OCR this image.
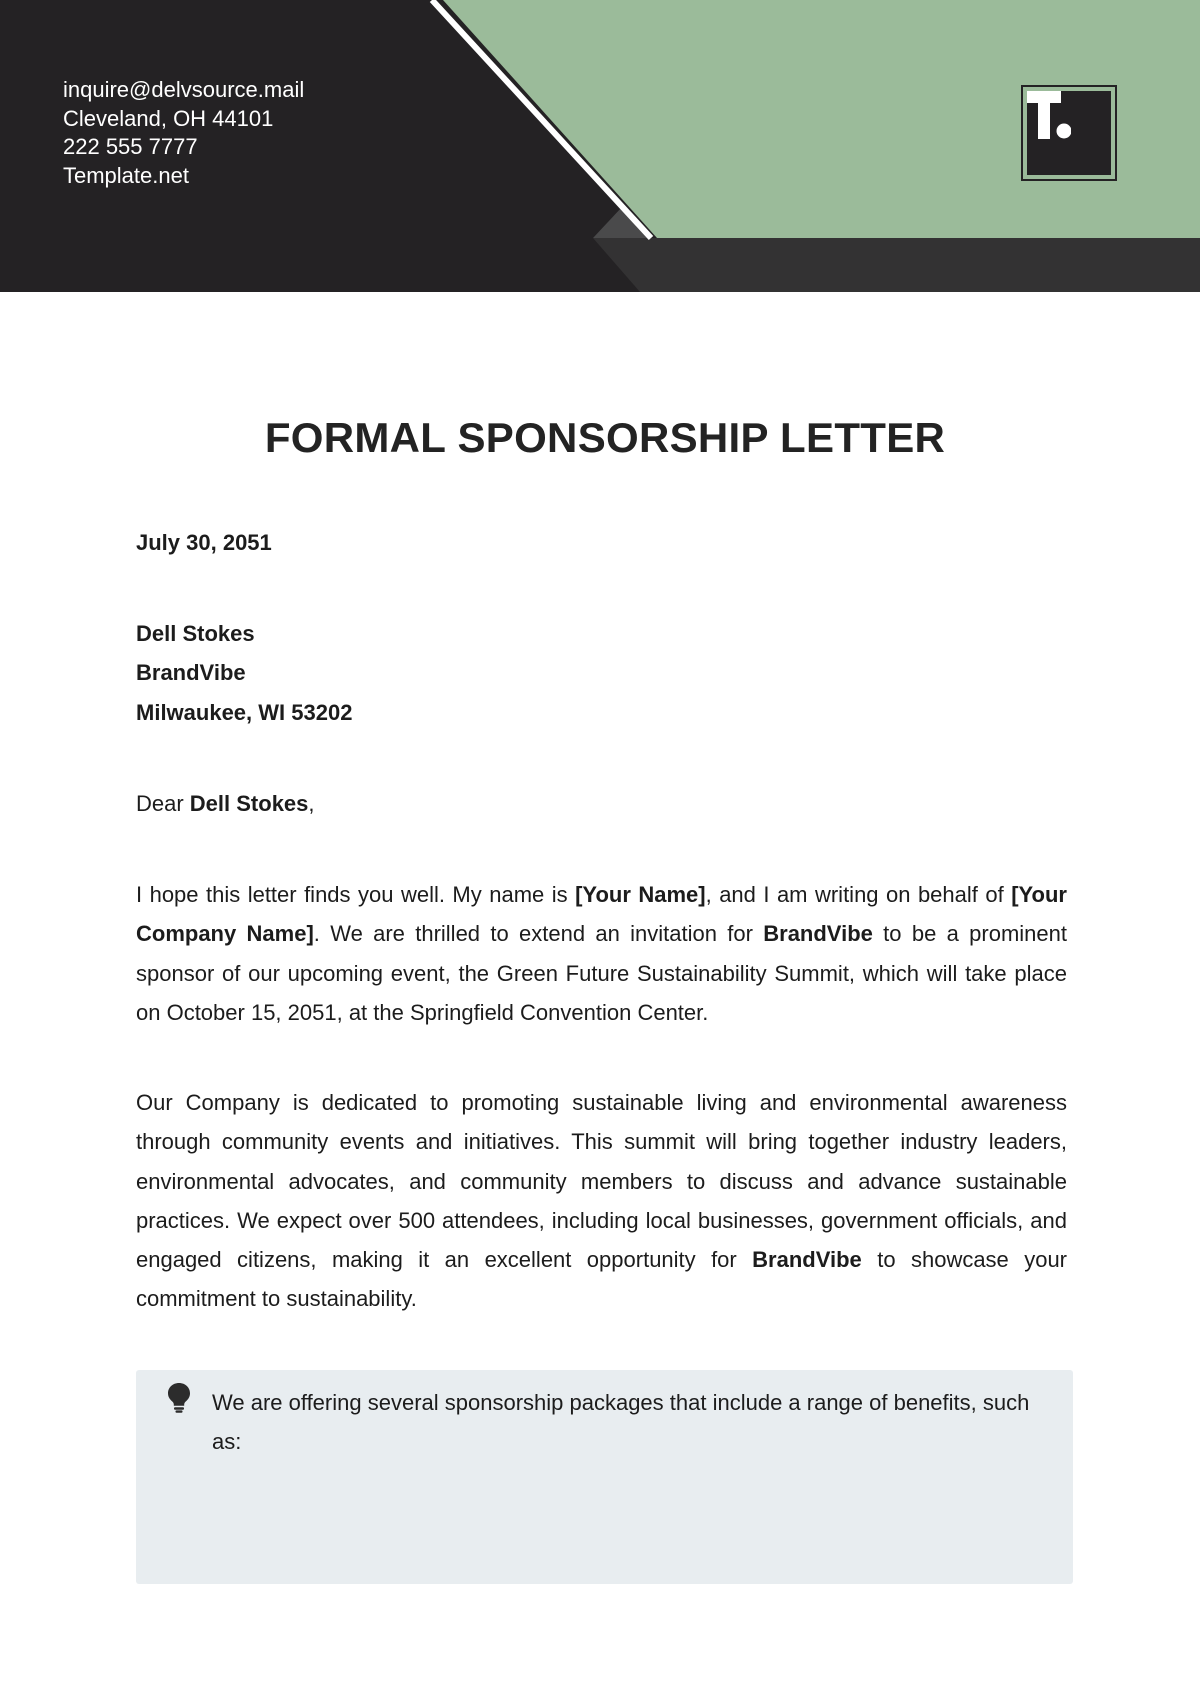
inquire@delvsource.mail
Cleveland, OH 44101
222 555 7777
Template.net
FORMAL SPONSORSHIP LETTER
July 30, 2051
Dell Stokes
BrandVibe
Milwaukee, WI 53202
Dear Dell Stokes,
I hope this letter finds you well. My name is [Your Name], and I am writing on behalf of [Your Company Name]. We are thrilled to extend an invitation for BrandVibe to be a prominent sponsor of our upcoming event, the Green Future Sustainability Summit, which will take place on October 15, 2051, at the Springfield Convention Center.
Our Company is dedicated to promoting sustainable living and environmental awareness through community events and initiatives. This summit will bring together industry leaders, environmental advocates, and community members to discuss and advance sustainable practices. We expect over 500 attendees, including local businesses, government officials, and engaged citizens, making it an excellent opportunity for BrandVibe to showcase your commitment to sustainability.
We are offering several sponsorship packages that include a range of benefits, such as:
